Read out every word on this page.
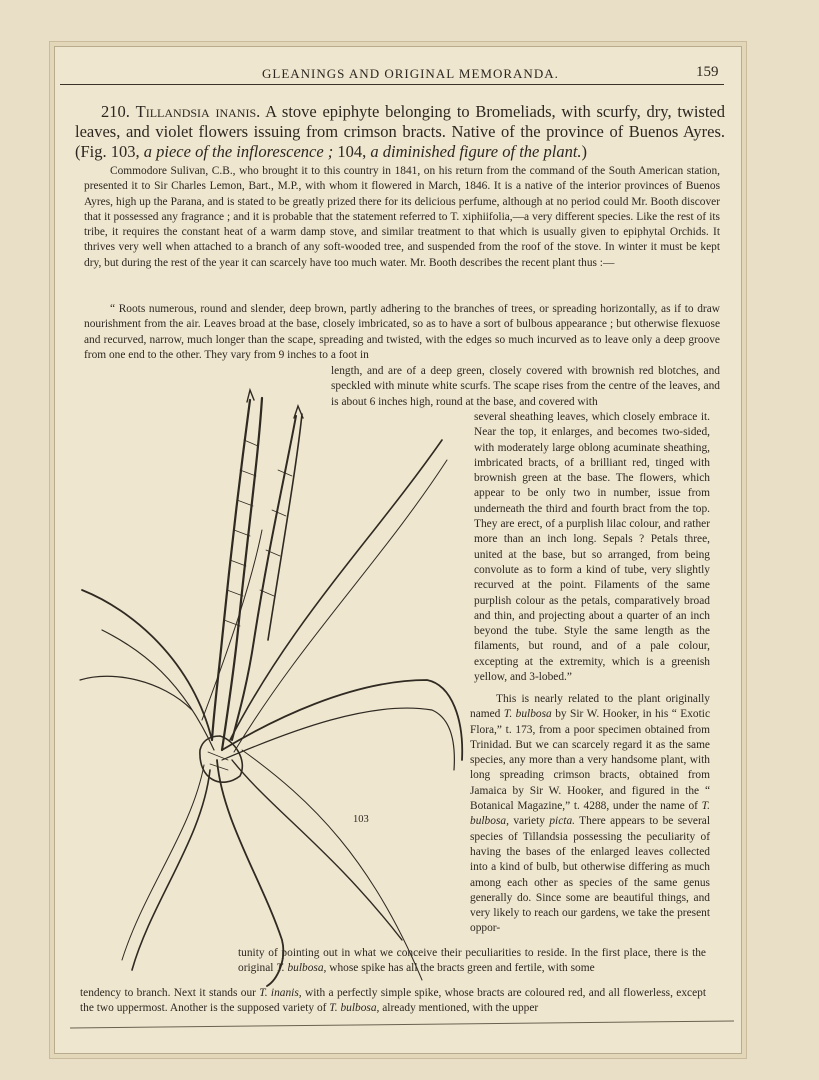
GLEANINGS AND ORIGINAL MEMORANDA.	159
210. Tillandsia inanis. A stove epiphyte belonging to Bromeliads, with scurfy, dry, twisted leaves, and violet flowers issuing from crimson bracts. Native of the province of Buenos Ayres. (Fig. 103, a piece of the inflorescence ; 104, a diminished figure of the plant.)

Commodore Sulivan, C.B., who brought it to this country in 1841, on his return from the command of the South American station, presented it to Sir Charles Lemon, Bart., M.P., with whom it flowered in March, 1846. It is a native of the interior provinces of Buenos Ayres, high up the Parana, and is stated to be greatly prized there for its delicious perfume, although at no period could Mr. Booth discover that it possessed any fragrance ; and it is probable that the statement referred to T. xiphiifolia,—a very different species. Like the rest of its tribe, it requires the constant heat of a warm damp stove, and similar treatment to that which is usually given to epiphytal Orchids. It thrives very well when attached to a branch of any soft-wooded tree, and suspended from the roof of the stove. In winter it must be kept dry, but during the rest of the year it can scarcely have too much water. Mr. Booth describes the recent plant thus :—

“ Roots numerous, round and slender, deep brown, partly adhering to the branches of trees, or spreading horizontally, as if to draw nourishment from the air. Leaves broad at the base, closely imbricated, so as to have a sort of bulbous appearance ; but otherwise flexuose and recurved, narrow, much longer than the scape, spreading and twisted, with the edges so much incurved as to leave only a deep groove from one end to the other. They vary from 9 inches to a foot in

length, and are of a deep green, closely covered with brownish red blotches, and speckled with minute white scurfs. The scape rises from the centre of the leaves, and is about 6 inches high, round at the base, and covered with

several sheathing leaves, which closely embrace it. Near the top, it enlarges, and becomes two-sided, with moderately large oblong acuminate sheathing, imbricated bracts, of a brilliant red, tinged with brownish green at the base. The flowers, which appear to be only two in number, issue from underneath the third and fourth bract from the top. They are erect, of a purplish lilac colour, and rather more than an inch long. Sepals ? Petals three, united at the base, but so arranged, from being convolute as to form a kind of tube, very slightly recurved at the point. Filaments of the same purplish colour as the petals, comparatively broad and thin, and projecting about a quarter of an inch beyond the tube. Style the same length as the filaments, but round, and of a pale colour, excepting at the extremity, which is a greenish yellow, and 3-lobed.”

This is nearly related to the plant originally named T. bulbosa by Sir W. Hooker, in his “ Exotic Flora,” t. 173, from a poor specimen obtained from Trinidad. But we can scarcely regard it as the same species, any more than a very handsome plant, with long spreading crimson bracts, obtained from Jamaica by Sir W. Hooker, and figured in the “ Botanical Magazine,” t. 4288, under the name of T. bulbosa, variety picta. There appears to be several species of Tillandsia possessing the peculiarity of having the bases of the enlarged leaves collected into a kind of bulb, but otherwise differing as much among each other as species of the same genus generally do. Since some are beautiful things, and very likely to reach our gardens, we take the present oppor-

tunity of pointing out in what we conceive their peculiarities to reside. In the first place, there is the original T. bulbosa, whose spike has all the bracts green and fertile, with some

tendency to branch. Next it stands our T. inanis, with a perfectly simple spike, whose bracts are coloured red, and all flowerless, except the two uppermost. Another is the supposed variety of T. bulbosa, already mentioned, with the upper

103
